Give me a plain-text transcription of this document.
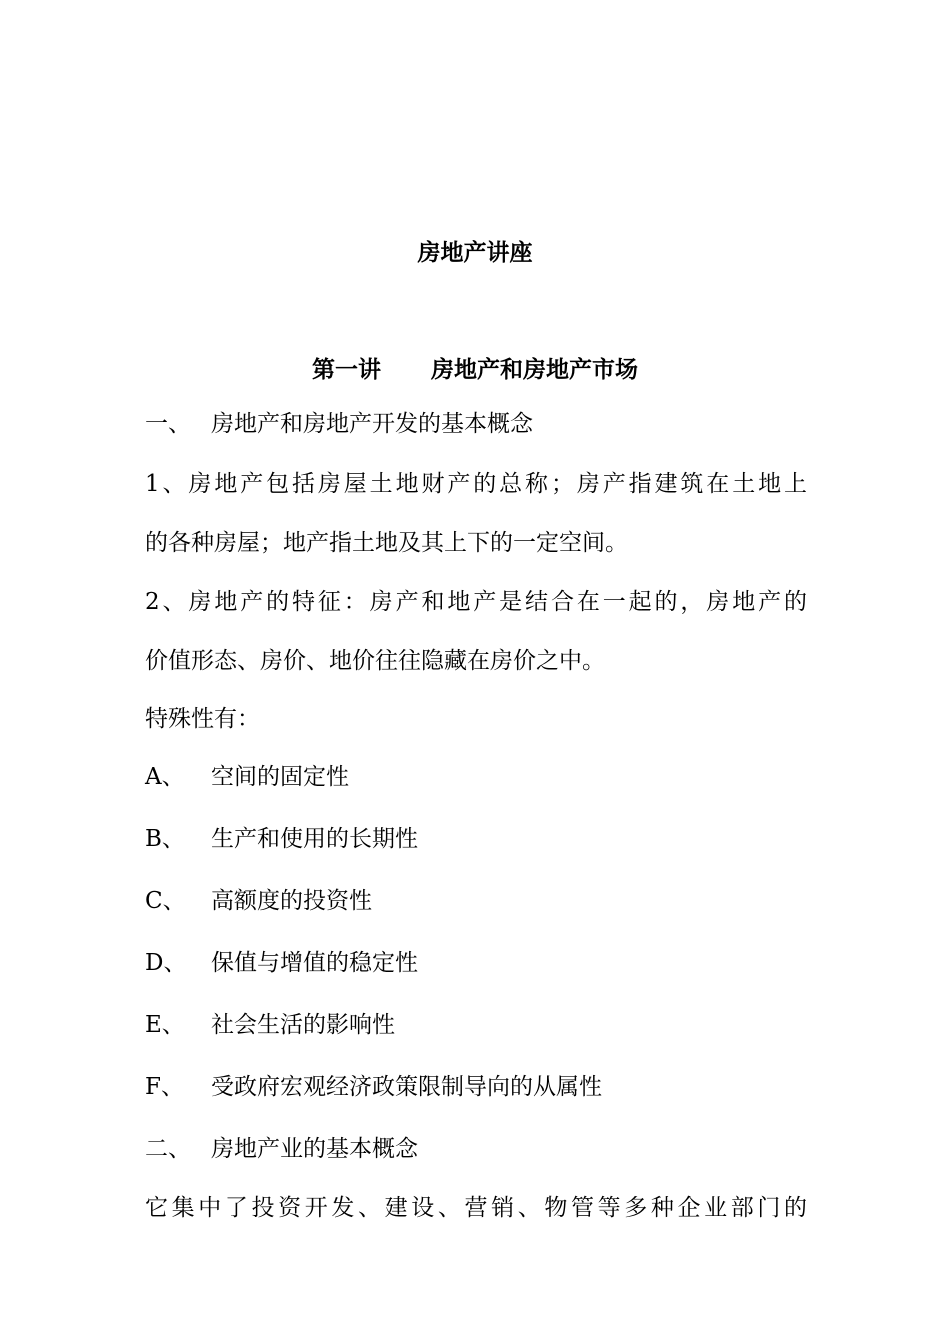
房地产讲座
第一讲 房地产和房地产市场
一、 房地产和房地产开发的基本概念
1、房地产包括房屋土地财产的总称；房产指建筑在土地上
的各种房屋；地产指土地及其上下的一定空间。
2、房地产的特征：房产和地产是结合在一起的，房地产的
价值形态、房价、地价往往隐藏在房价之中。
特殊性有：
A、 空间的固定性
B、 生产和使用的长期性
C、 高额度的投资性
D、 保值与增值的稳定性
E、 社会生活的影响性
F、 受政府宏观经济政策限制导向的从属性
二、 房地产业的基本概念
它集中了投资开发、建设、营销、物管等多种企业部门的
